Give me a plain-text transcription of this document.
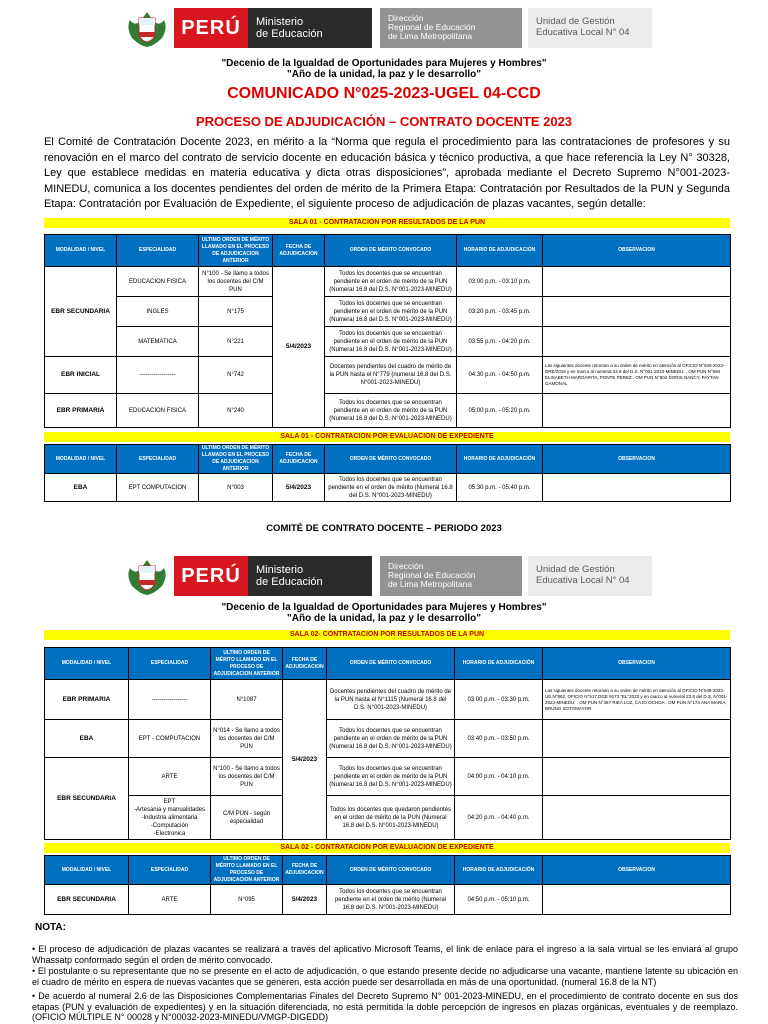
PERÚ	Ministerio
de Educación
Dirección
Regional de Educación
de Lima Metropolitana
Unidad de Gestión
Educativa Local N° 04
"Decenio de la Igualdad de Oportunidades para Mujeres y Hombres"
"Año de la unidad, la paz y le desarrollo"
COMUNICADO N°025-2023-UGEL 04-CCD
PROCESO DE ADJUDICACIÓN – CONTRATO DOCENTE 2023
El Comité de Contratación Docente 2023, en mérito a la “Norma que regula el procedimiento para las contrataciones de profesores y su renovación en el marco del contrato de servicio docente en educación básica y técnico productiva, a que hace referencia la Ley N° 30328, Ley que establece medidas en materia educativa y dicta otras disposiciones”, aprobada mediante el Decreto Supremo N°001-2023-MINEDU, comunica a los docentes pendientes del orden de mérito de la Primera Etapa: Contratación por Resultados de la PUN y Segunda Etapa: Contratación por Evaluación de Expediente, el siguiente proceso de adjudicación de plazas vacantes, según detalle:
SALA 01 - CONTRATACION POR RESULTADOS DE LA PUN
MODALIDAD / NIVEL	ESPECIALIDAD	ULTIMO ORDEN DE MÉRITO LLAMADO EN EL PROCESO DE ADJUDICACION ANTERIOR	FECHA DE ADJUDICACION	ORDEN DE MÉRITO CONVOCADO	HORARIO DE ADJUDICACIÓN	OBSERVACION
EBR SECUNDARIA	EDUCACION FISICA	N°100 - Se llamo a todos los docentes del C/M PUN	5/4/2023	Todos los docentes que se encuentran pendiente en el orden de mérito de la PUN (Numeral 16.8 del D.S. N°001-2023-MINEDU)	03:00 p.m. - 03:10 p.m.	
	INGLES	N°175		Todos los docentes que se encuentran pendiente en el orden de mérito de la PUN (Numeral 16.8 del D.S. N°001-2023-MINEDU)	03:20 p.m. - 03:45 p.m.	
	MATEMATICA	N°221		Todos los docentes que se encuentran pendiente en el orden de mérito de la PUN (Numeral 16.8 del D.S. N°001-2023-MINEDU)	03:55 p.m. - 04:20 p.m.	
EBR INICIAL	------------------	N°742		Docentes pendientes del cuadro de mérito de la PUN hasta el N°779 (numeral 16.8 del D.S. N°001-2023-MINEDU)	04:30 p.m. - 04:50 p.m.	Las siguientes docente retornan a su orden de mérito en atención al OFICIO N°030-2023-DRE/2018 y en marco al numeral 23.8 del D.S. N°001-2023-MINEDU: . OM PUN N°594 ELISABETH MARGARITA, PONTE PEREZ . OM PUN N°804 DORIS NANCY, PAYTAN GAMONAL
EBR PRIMARIA	EDUCACION FISICA	N°240		Todos los docentes que se encuentran pendiente en el orden de mérito de la PUN (Numeral 16.8 del D.S. N°001-2023-MINEDU)	05:00 p.m. - 05:20 p.m.	
SALA 01 - CONTRATACION POR EVALUACION DE EXPEDIENTE
MODALIDAD / NIVEL	ESPECIALIDAD	ULTIMO ORDEN DE MÉRITO LLAMADO EN EL PROCESO DE ADJUDICACION ANTERIOR	FECHA DE ADJUDICACION	ORDEN DE MÉRITO CONVOCADO	HORARIO DE ADJUDICACIÓN	OBSERVACION
EBA	EPT COMPUTACION	N°003	5/4/2023	Todos los docentes que se encuentran pendiente en el orden de mérito (Numeral 16.8 del D.S. N°001-2023-MINEDU)	05:30 p.m. - 05:40 p.m.	
COMITÉ DE CONTRATO DOCENTE – PERIODO 2023
PERÚ	Ministerio
de Educación
Dirección
Regional de Educación
de Lima Metropolitana
Unidad de Gestión
Educativa Local N° 04
"Decenio de la Igualdad de Oportunidades para Mujeres y Hombres"
"Año de la unidad, la paz y le desarrollo"
SALA 02- CONTRATACION POR RESULTADOS DE LA PUN
MODALIDAD / NIVEL	ESPECIALIDAD	ULTIMO ORDEN DE MÉRITO LLAMADO EN EL PROCESO DE ADJUDICACION ANTERIOR	FECHA DE ADJUDICACION	ORDEN DE MÉRITO CONVOCADO	HORARIO DE ADJUDICACIÓN	OBSERVACION
EBR PRIMARIA	------------------	N°1087	5/4/2023	Docentes pendientes del cuadro de mérito de la PUN hasta el N°1115 (Numeral 16.8 del D.S. N°001-2023-MINEDU)	03:00 p.m. - 03:30 p.m.	Las siguientes docente retornan a su orden de mérito en atención al OFICIO N°049-2023-UE N°862, OFICIO N°517 DGE 9173 "EL"2023 y en marco al numeral 23.8 del D.S. N°001-2023-MINEDU: . OM PUN N°487 RIEA LUZ, CAJO OCHOA . OM PUN N°174 ANA MARIA, BRUNO SOTOMAYOR
EBA	EPT - COMPUTACION	N°014 - Se llamo a todos los docentes del C/M PUN		Todos los docentes que se encuentran pendiente en el orden de mérito de la PUN (Numeral 16.8 del D.S. N°001-2023-MINEDU)	03:40 p.m. - 03:50 p.m.	
EBR SECUNDARIA	ARTE	N°100 - Se llamo a todos los docentes del C/M PUN		Todos los docentes que se encuentran pendiente en el orden de mérito de la PUN (Numeral 16.8 del D.S. N°001-2023-MINEDU)	04:00 p.m. - 04:10 p.m.	

	EPT
-Artesania y manualidades
-Industria alimentaria
-Computación
-Electronica	C/M PUN - según especialidad		Todos los docentes que quedaron pendientes en el orden de mérito de la PUN (Numeral 16.8 del D.S. N°001-2023-MINEDU)	04:20 p.m. - 04:40 p.m.	
SALA 02 - CONTRATACION POR EVALUACION DE EXPEDIENTE
MODALIDAD / NIVEL	ESPECIALIDAD	ULTIMO ORDEN DE MÉRITO LLAMADO EN EL PROCESO DE ADJUDICACION ANTERIOR	FECHA DE ADJUDICACION	ORDEN DE MÉRITO CONVOCADO	HORARIO DE ADJUDICACIÓN	OBSERVACION
EBR SECUNDARIA	ARTE	N°095	5/4/2023	Todos los docentes que se encuentran pendiente en el orden de mérito (Numeral 16.8 del D.S. N°001-2023-MINEDU)	04:50 p.m. - 05:10 p.m.	
NOTA:
• El proceso de adjudicación de plazas vacantes se realizará a través del aplicativo Microsoft Teams, el link de enlace para el ingreso a la sala virtual se les enviará al grupo Whassatp conformado según el orden de mérito convocado.
• El postulante o su representante que no se presente en el acto de adjudicación, o que estando presente decide no adjudicarse una vacante, mantiene latente su ubicación en el cuadro de mérito en espera de nuevas vacantes que se generen, esta acción puede ser desarrollada en más de una oportunidad. (numeral 16.8 de la NT)
• De acuerdo al numeral 2.6 de las Disposiciones Complementarias Finales del Decreto Supremo N° 001-2023-MINEDU, en el procedimiento de contrato docente en sus dos etapas (PUN y evaluación de expedientes) y en la situación diferenciada, no está permitida la doble percepción de ingresos en plazas orgánicas, eventuales y de reemplazo. (OFICIO MÚLTIPLE N° 00028 y N°00032-2023-MINEDU/VMGP-DIGEDD)
